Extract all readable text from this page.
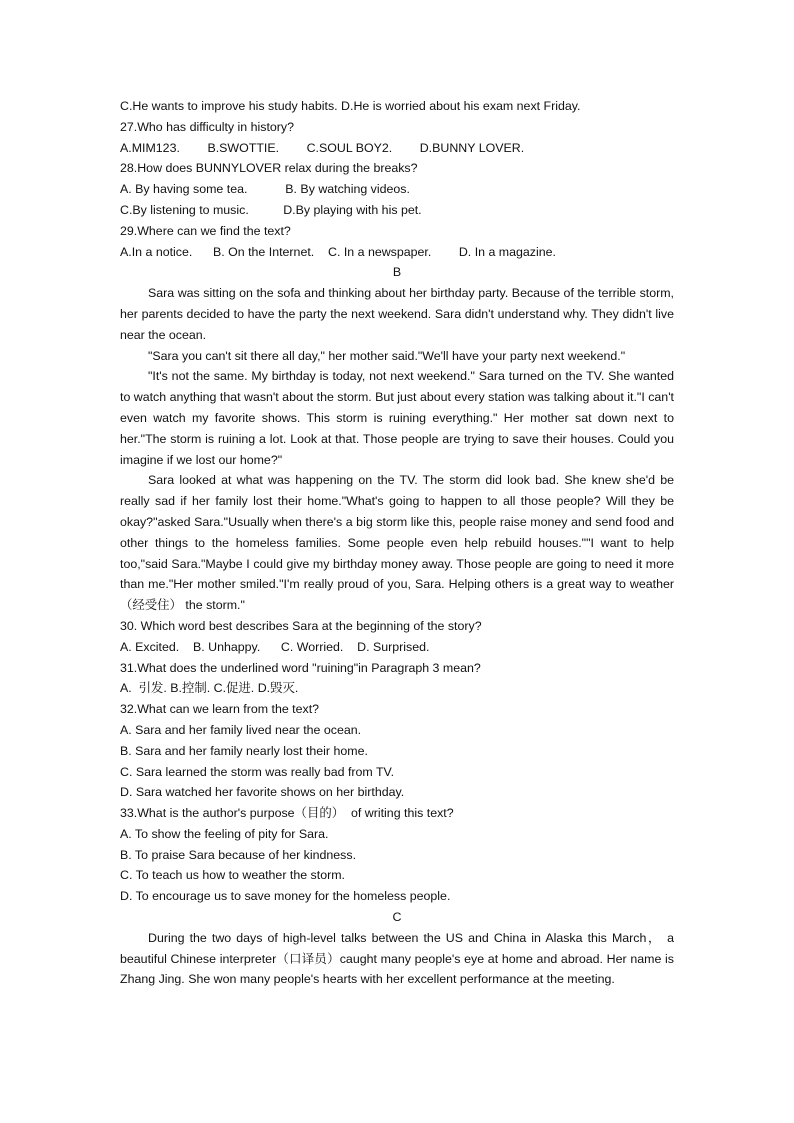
C.He wants to improve his study habits. D.He is worried about his exam next Friday.

27.Who has difficulty in history?

A.MIM123.        B.SWOTTIE.        C.SOUL BOY2.        D.BUNNY LOVER.

28.How does BUNNYLOVER relax during the breaks?

A. By having some tea.           B. By watching videos.

C.By listening to music.          D.By playing with his pet.

29.Where can we find the text?

A.In a notice.      B. On the Internet.    C. In a newspaper.        D. In a magazine.

B

Sara was sitting on the sofa and thinking about her birthday party. Because of the terrible storm, her parents decided to have the party the next weekend. Sara didn't understand why. They didn't live near the ocean.

"Sara you can't sit there all day," her mother said."We'll have your party next weekend."

"It's not the same. My birthday is today, not next weekend." Sara turned on the TV. She wanted to watch anything that wasn't about the storm. But just about every station was talking about it."I can't even watch my favorite shows. This storm is ruining everything." Her mother sat down next to her."The storm is ruining a lot. Look at that. Those people are trying to save their houses. Could you imagine if we lost our home?"

Sara looked at what was happening on the TV. The storm did look bad. She knew she'd be really sad if her family lost their home."What's going to happen to all those people? Will they be okay?"asked Sara."Usually when there's a big storm like this, people raise money and send food and other things to the homeless families. Some people even help rebuild houses.""I want to help too,"said Sara."Maybe I could give my birthday money away. Those people are going to need it more than me."Her mother smiled."I'm really proud of you, Sara. Helping others is a great way to weather（经受住） the storm."

30. Which word best describes Sara at the beginning of the story?

A. Excited.    B. Unhappy.      C. Worried.    D. Surprised.

31.What does the underlined word "ruining"in Paragraph 3 mean?

A.  引发. B.控制. C.促进. D.毁灭.

32.What can we learn from the text?

A. Sara and her family lived near the ocean.

B. Sara and her family nearly lost their home.

C. Sara learned the storm was really bad from TV.

D. Sara watched her favorite shows on her birthday.

33.What is the author's purpose（目的）  of writing this text?

A. To show the feeling of pity for Sara.

B. To praise Sara because of her kindness.

C. To teach us how to weather the storm.

D. To encourage us to save money for the homeless people.

C

During the two days of high-level talks between the US and China in Alaska this March， a beautiful Chinese interpreter（口译员）caught many people's eye at home and abroad. Her name is Zhang Jing. She won many people's hearts with her excellent performance at the meeting.
